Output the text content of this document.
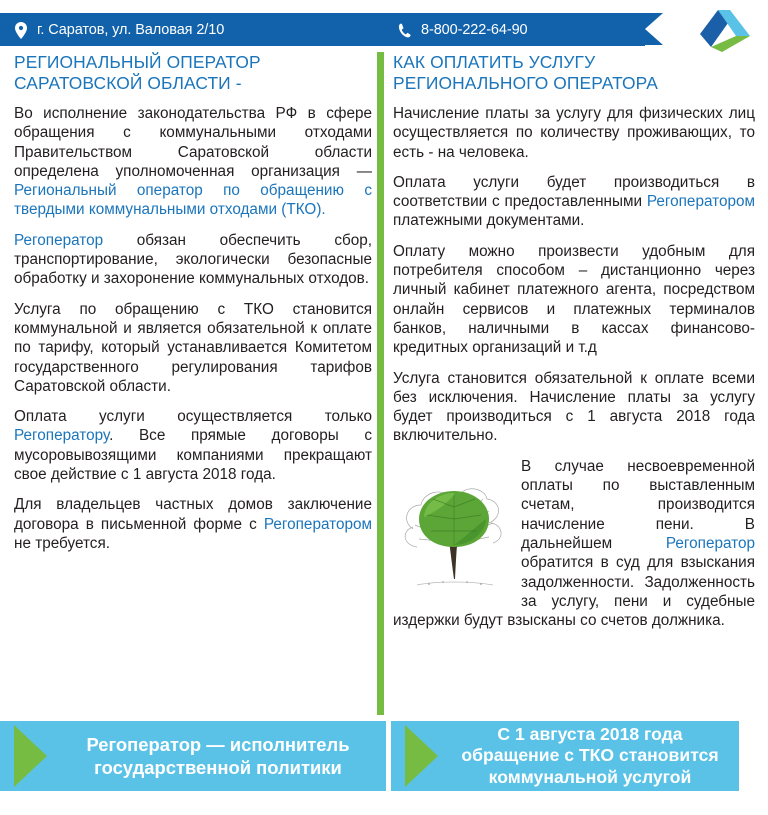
г. Саратов, ул. Валовая 2/10	8-800-222-64-90
РЕГИОНАЛЬНЫЙ ОПЕРАТОР
САРАТОВСКОЙ ОБЛАСТИ -

Во исполнение законодательства РФ в сфере обращения с коммунальными отходами Правительством Саратовской области определена уполномоченная организация — Региональный оператор по обращению с твердыми коммунальными отходами (ТКО).

Регоператор обязан обеспечить сбор, транспортирование, экологически безопасные обработку и захоронение коммунальных отходов.

Услуга по обращению с ТКО становится коммунальной и является обязательной к оплате по тарифу, который устанавливается Комитетом государственного регулирования тарифов Саратовской области.

Оплата услуги осуществляется только Регоператору. Все прямые договоры с мусоровывозящими компаниями прекращают свое действие с 1 августа 2018 года.

Для владельцев частных домов заключение договора в письменной форме с Регоператором не требуется.

КАК ОПЛАТИТЬ УСЛУГУ
РЕГИОНАЛЬНОГО ОПЕРАТОРА

Начисление платы за услугу для физических лиц осуществляется по количеству проживающих, то есть - на человека.

Оплата услуги будет производиться в соответствии с предоставленными Регоператором платежными документами.

Оплату можно произвести удобным для потребителя способом – дистанционно через личный кабинет платежного агента, посредством онлайн сервисов и платежных терминалов банков, наличными в кассах финансово-кредитных организаций и т.д

Услуга становится обязательной к оплате всеми без исключения. Начисление платы за услугу будет производиться с 1 августа 2018 года включительно.

В случае несвоевременной оплаты по выставленным счетам, производится начисление пени. В дальнейшем Регоператор обратится в суд для взыскания задолженности. Задолженность за услугу, пени и судебные издержки будут взысканы со счетов должника.

Регоператор — исполнитель
государственной политики
С 1 августа 2018 года
обращение с ТКО становится
коммунальной услугой
